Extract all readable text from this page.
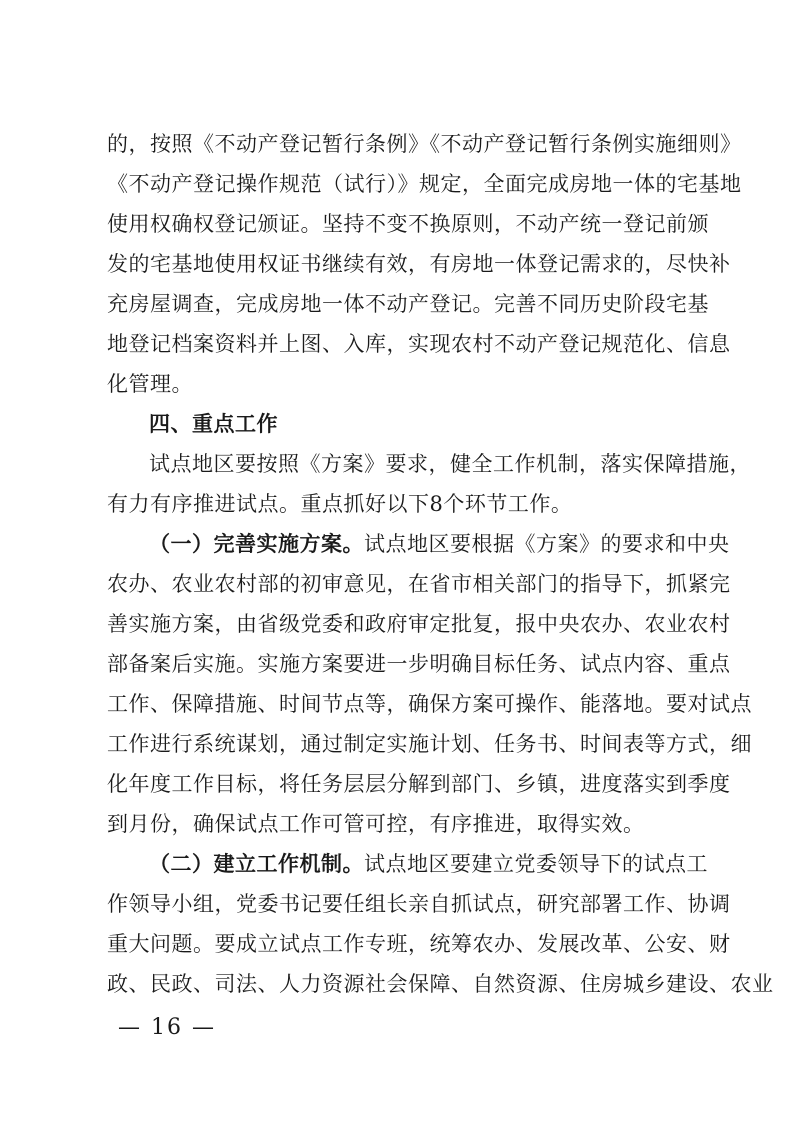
的，按照《不动产登记暂行条例》《不动产登记暂行条例实施细则》
《不动产登记操作规范（试行）》规定，全面完成房地一体的宅基地
使用权确权登记颁证。坚持不变不换原则，不动产统一登记前颁
发的宅基地使用权证书继续有效，有房地一体登记需求的，尽快补
充房屋调查，完成房地一体不动产登记。完善不同历史阶段宅基
地登记档案资料并上图、入库，实现农村不动产登记规范化、信息
化管理。
四、重点工作
试点地区要按照《方案》要求，健全工作机制，落实保障措施，
有力有序推进试点。重点抓好以下8个环节工作。
（一）完善实施方案。试点地区要根据《方案》的要求和中央
农办、农业农村部的初审意见，在省市相关部门的指导下，抓紧完
善实施方案，由省级党委和政府审定批复，报中央农办、农业农村
部备案后实施。实施方案要进一步明确目标任务、试点内容、重点
工作、保障措施、时间节点等，确保方案可操作、能落地。要对试点
工作进行系统谋划，通过制定实施计划、任务书、时间表等方式，细
化年度工作目标，将任务层层分解到部门、乡镇，进度落实到季度
到月份，确保试点工作可管可控，有序推进，取得实效。
（二）建立工作机制。试点地区要建立党委领导下的试点工
作领导小组，党委书记要任组长亲自抓试点，研究部署工作、协调
重大问题。要成立试点工作专班，统筹农办、发展改革、公安、财
政、民政、司法、人力资源社会保障、自然资源、住房城乡建设、农业
— 16 —
